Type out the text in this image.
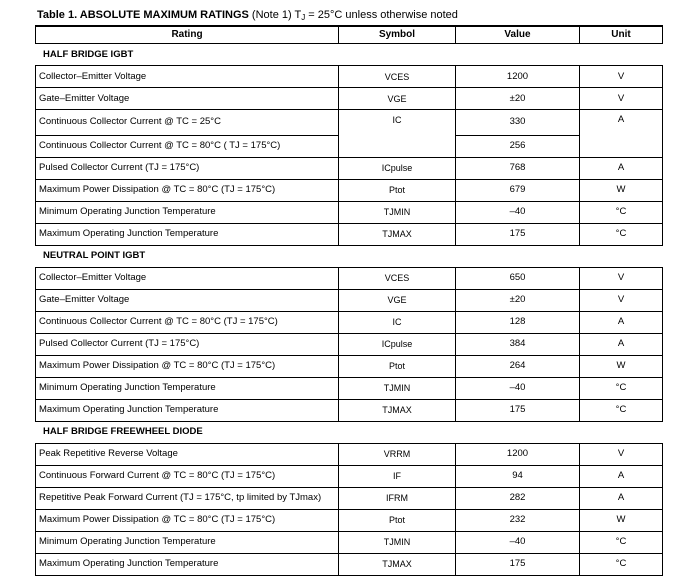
Table 1. ABSOLUTE MAXIMUM RATINGS (Note 1) $T_J = 25^\circ C$ unless otherwise noted
Rating	Symbol	Value	Unit
HALF BRIDGE IGBT			
Collector–Emitter Voltage	VCES	1200	V
Gate–Emitter Voltage	VGE	±20	V
Continuous Collector Current @ TC = 25°C	IC	330	A
Continuous Collector Current @ TC = 80°C ( TJ = 175°C)		256	
Pulsed Collector Current (TJ = 175°C)	ICpulse	768	A
Maximum Power Dissipation @ TC = 80°C (TJ = 175°C)	Ptot	679	W
Minimum Operating Junction Temperature	TJMIN	–40	°C
Maximum Operating Junction Temperature	TJMAX	175	°C
NEUTRAL POINT IGBT			
Collector–Emitter Voltage	VCES	650	V
Gate–Emitter Voltage	VGE	±20	V
Continuous Collector Current @ TC = 80°C (TJ = 175°C)	IC	128	A
Pulsed Collector Current (TJ = 175°C)	ICpulse	384	A
Maximum Power Dissipation @ TC = 80°C (TJ = 175°C)	Ptot	264	W
Minimum Operating Junction Temperature	TJMIN	–40	°C
Maximum Operating Junction Temperature	TJMAX	175	°C
HALF BRIDGE FREEWHEEL DIODE			
Peak Repetitive Reverse Voltage	VRRM	1200	V
Continuous Forward Current @ TC = 80°C (TJ = 175°C)	IF	94	A
Repetitive Peak Forward Current (TJ = 175°C, tp limited by TJmax)	IFRM	282	A
Maximum Power Dissipation @ TC = 80°C (TJ = 175°C)	Ptot	232	W
Minimum Operating Junction Temperature	TJMIN	–40	°C
Maximum Operating Junction Temperature	TJMAX	175	°C
